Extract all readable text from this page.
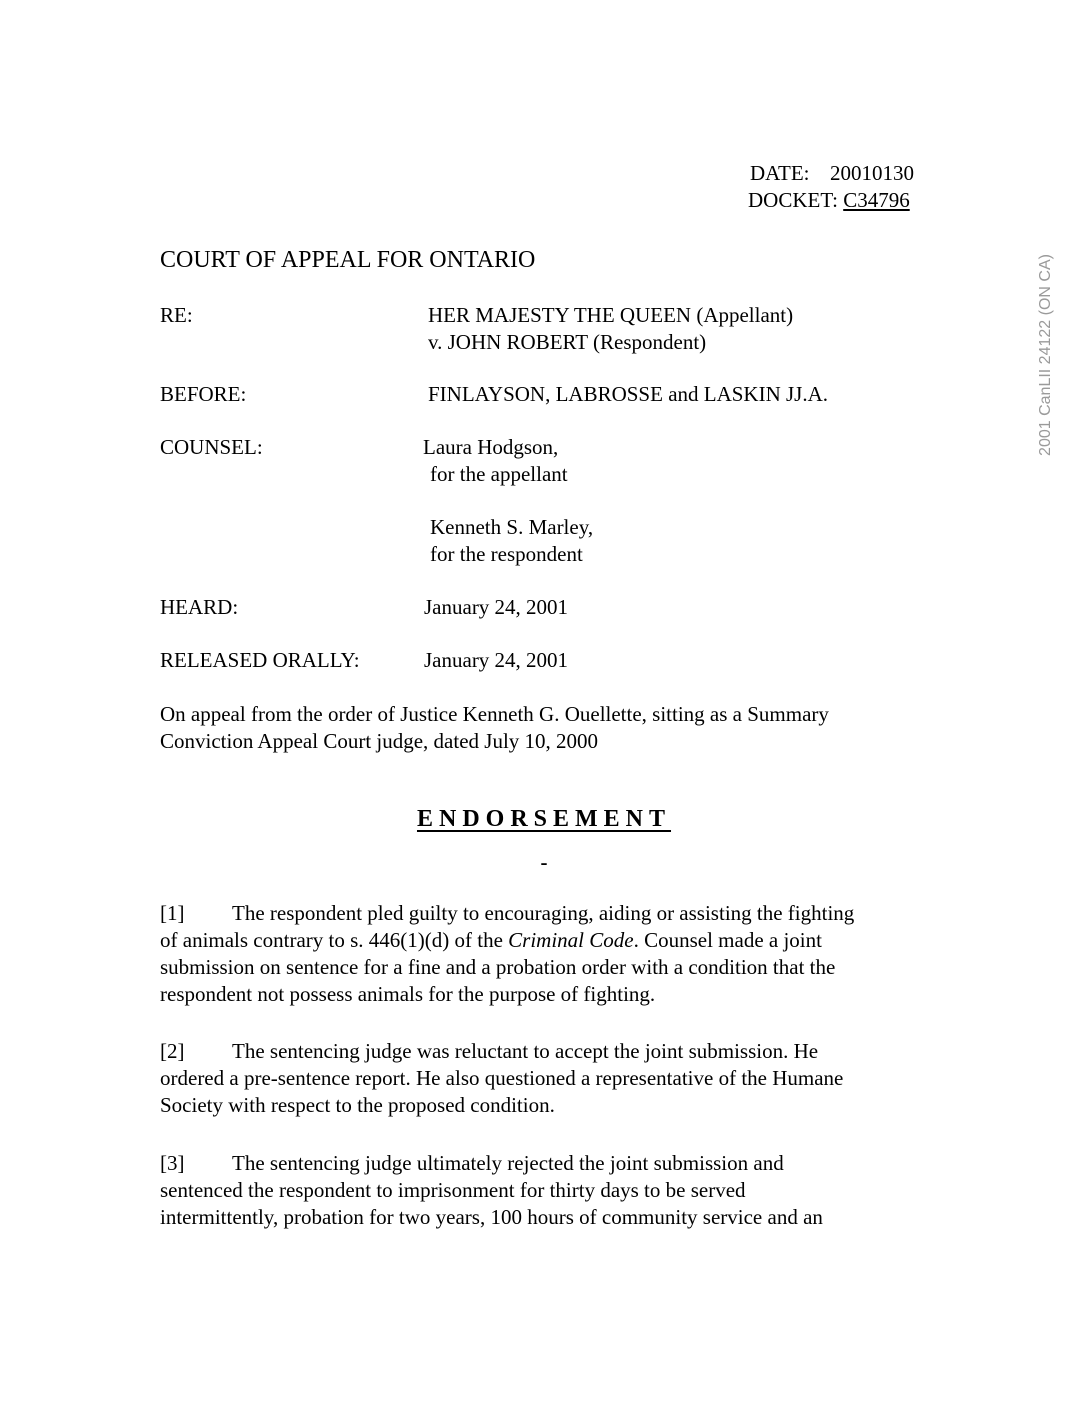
DATE: 20010130
DOCKET: C34796
COURT OF APPEAL FOR ONTARIO
RE:	HER MAJESTY THE QUEEN (Appellant)
v. JOHN ROBERT (Respondent)
BEFORE:	FINLAYSON, LABROSSE and LASKIN JJ.A.
COUNSEL:	Laura Hodgson,
for the appellant
Kenneth S. Marley,
for the respondent
HEARD:	January 24, 2001
RELEASED ORALLY:	January 24, 2001
On appeal from the order of Justice Kenneth G. Ouellette, sitting as a Summary
Conviction Appeal Court judge, dated July 10, 2000
ENDORSEMENT
-
[1] The respondent pled guilty to encouraging, aiding or assisting the fighting
of animals contrary to s. 446(1)(d) of the Criminal Code. Counsel made a joint
submission on sentence for a fine and a probation order with a condition that the
respondent not possess animals for the purpose of fighting.
[2] The sentencing judge was reluctant to accept the joint submission. He
ordered a pre-sentence report. He also questioned a representative of the Humane
Society with respect to the proposed condition.
[3] The sentencing judge ultimately rejected the joint submission and
sentenced the respondent to imprisonment for thirty days to be served
intermittently, probation for two years, 100 hours of community service and an
2001 CanLII 24122 (ON CA)
